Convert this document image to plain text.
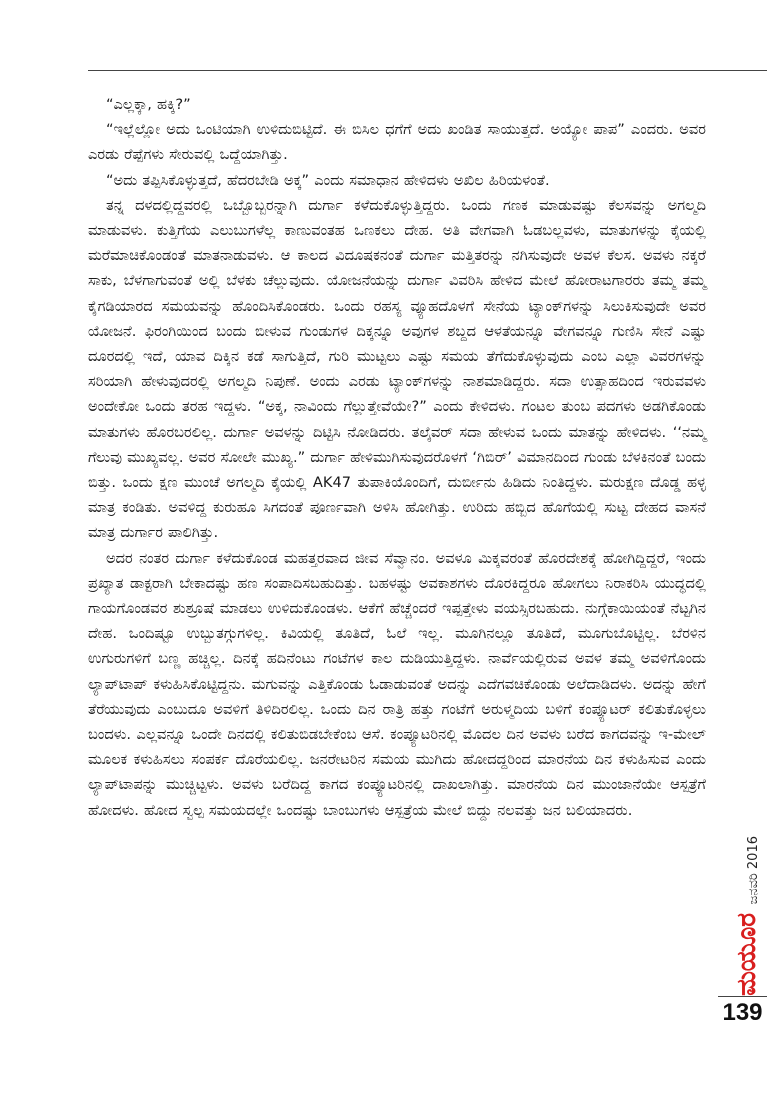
“ಎಲ್ಲಕ್ಕಾ, ಹಕ್ಕಿ?”

“ಇಲ್ಲೆಲ್ಲೋ ಅದು ಒಂಟಿಯಾಗಿ ಉಳಿದುಬಿಟ್ಟಿದೆ. ಈ ಬಿಸಿಲ ಧಗೆಗೆ ಅದು ಖಂಡಿತ ಸಾಯುತ್ತದೆ. ಅಯ್ಯೋ ಪಾಪ” ಎಂದರು. ಅವರ ಎರಡು ರೆಪ್ಪೆಗಳು ಸೇರುವಲ್ಲಿ ಒದ್ದೆಯಾಗಿತ್ತು.

“ಅದು ತಪ್ಪಿಸಿಕೊಳ್ಳುತ್ತದೆ, ಹೆದರಬೇಡಿ ಅಕ್ಕ” ಎಂದು ಸಮಾಧಾನ ಹೇಳಿದಳು ಅಖಿಲ ಹಿರಿಯಳಂತೆ.

ತನ್ನ ದಳದಲ್ಲಿದ್ದವರಲ್ಲಿ ಒಬ್ಬೊಬ್ಬರನ್ನಾಗಿ ದುರ್ಗಾ ಕಳೆದುಕೊಳ್ಳುತ್ತಿದ್ದರು. ಒಂದು ಗಣಕ ಮಾಡುವಷ್ಟು ಕೆಲಸವನ್ನು ಅಗಲ್ಮದಿ ಮಾಡುವಳು. ಕುತ್ತಿಗೆಯ ಎಲುಬುಗಳೆಲ್ಲ ಕಾಣುವಂತಹ ಒಣಕಲು ದೇಹ. ಅತಿ ವೇಗವಾಗಿ ಓಡಬಲ್ಲವಳು, ಮಾತುಗಳನ್ನು ಕೈಯಲ್ಲಿ ಮರೆಮಾಚಿಕೊಂಡಂತೆ ಮಾತನಾಡುವಳು. ಆ ಕಾಲದ ವಿದೂಷಕನಂತೆ ದುರ್ಗಾ ಮತ್ತಿತರನ್ನು ನಗಿಸುವುದೇ ಅವಳ ಕೆಲಸ. ಅವಳು ನಕ್ಕರೆ ಸಾಕು, ಬೆಳಗಾಗುವಂತೆ ಅಲ್ಲಿ ಬೆಳಕು ಚೆಲ್ಲುವುದು. ಯೋಜನೆಯನ್ನು ದುರ್ಗಾ ವಿವರಿಸಿ ಹೇಳಿದ ಮೇಲೆ ಹೋರಾಟಗಾರರು ತಮ್ಮ ತಮ್ಮ ಕೈಗಡಿಯಾರದ ಸಮಯವನ್ನು ಹೊಂದಿಸಿಕೊಂಡರು. ಒಂದು ರಹಸ್ಯ ವ್ಯೂಹದೊಳಗೆ ಸೇನೆಯ ಟ್ಯಾಂಕ್‌ಗಳನ್ನು ಸಿಲುಕಿಸುವುದೇ ಅವರ ಯೋಜನೆ. ಫಿರಂಗಿಯಿಂದ ಬಂದು ಬೀಳುವ ಗುಂಡುಗಳ ದಿಕ್ಕನ್ನೂ ಅವುಗಳ ಶಬ್ದದ ಆಳತೆಯನ್ನೂ ವೇಗವನ್ನೂ ಗುಣಿಸಿ ಸೇನೆ ಎಷ್ಟು ದೂರದಲ್ಲಿ ಇದೆ, ಯಾವ ದಿಕ್ಕಿನ ಕಡೆ ಸಾಗುತ್ತಿದೆ, ಗುರಿ ಮುಟ್ಟಲು ಎಷ್ಟು ಸಮಯ ತೆಗೆದುಕೊಳ್ಳುವುದು ಎಂಬ ಎಲ್ಲಾ ವಿವರಗಳನ್ನು ಸರಿಯಾಗಿ ಹೇಳುವುದರಲ್ಲಿ ಅಗಲ್ಮದಿ ನಿಪುಣೆ. ಅಂದು ಎರಡು ಟ್ಯಾಂಕ್‌ಗಳನ್ನು ನಾಶಮಾಡಿದ್ದರು. ಸದಾ ಉತ್ಸಾಹದಿಂದ ಇರುವವಳು ಅಂದೇಕೋ ಒಂದು ತರಹ ಇದ್ದಳು. “ಅಕ್ಕ, ನಾವಿಂದು ಗೆಲ್ಲುತ್ತೇವೆಯೇ?” ಎಂದು ಕೇಳಿದಳು. ಗಂಟಲ ತುಂಬ ಪದಗಳು ಅಡಗಿಕೊಂಡು ಮಾತುಗಳು ಹೊರಬರಲಿಲ್ಲ. ದುರ್ಗಾ ಅವಳನ್ನು ದಿಟ್ಟಿಸಿ ನೋಡಿದರು. ತಲೈವರ್ ಸದಾ ಹೇಳುವ ಒಂದು ಮಾತನ್ನು ಹೇಳಿದಳು. ‘‘ನಮ್ಮ ಗೆಲುವು ಮುಖ್ಯವಲ್ಲ. ಅವರ ಸೋಲೇ ಮುಖ್ಯ.” ದುರ್ಗಾ ಹೇಳಿಮುಗಿಸುವುದರೊಳಗೆ ‘ಗಿಬಿರ್’ ವಿಮಾನದಿಂದ ಗುಂಡು ಬೆಳಕಿನಂತೆ ಬಂದು ಬಿತ್ತು. ಒಂದು ಕ್ಷಣ ಮುಂಚೆ ಅಗಲ್ಮದಿ ಕೈಯಲ್ಲಿ AK47 ತುಪಾಕಿಯೊಂದಿಗೆ, ದುರ್ಬೀನು ಹಿಡಿದು ನಿಂತಿದ್ದಳು. ಮರುಕ್ಷಣ ದೊಡ್ಡ ಹಳ್ಳ ಮಾತ್ರ ಕಂಡಿತು. ಅವಳಿದ್ದ ಕುರುಹೂ ಸಿಗದಂತೆ ಪೂರ್ಣವಾಗಿ ಅಳಿಸಿ ಹೋಗಿತ್ತು. ಉರಿದು ಹಬ್ಬಿದ ಹೊಗೆಯಲ್ಲಿ ಸುಟ್ಟ ದೇಹದ ವಾಸನೆ ಮಾತ್ರ ದುರ್ಗಾರ ಪಾಲಿಗಿತ್ತು.

ಅದರ ನಂತರ ದುರ್ಗಾ ಕಳೆದುಕೊಂಡ ಮಹತ್ತರವಾದ ಜೀವ ಸೆವ್ವಾನಂ. ಅವಳೂ ಮಿಕ್ಕವರಂತೆ ಹೊರದೇಶಕ್ಕೆ ಹೋಗಿದ್ದಿದ್ದರೆ, ಇಂದು ಪ್ರಖ್ಯಾತ ಡಾಕ್ಟರಾಗಿ ಬೇಕಾದಷ್ಟು ಹಣ ಸಂಪಾದಿಸಬಹುದಿತ್ತು. ಬಹಳಷ್ಟು ಅವಕಾಶಗಳು ದೊರಕಿದ್ದರೂ ಹೋಗಲು ನಿರಾಕರಿಸಿ ಯುದ್ಧದಲ್ಲಿ ಗಾಯಗೊಂಡವರ ಶುಶ್ರೂಷೆ ಮಾಡಲು ಉಳಿದುಕೊಂಡಳು. ಆಕೆಗೆ ಹೆಚ್ಚೆಂದರೆ ಇಪ್ಪತ್ತೇಳು ವಯಸ್ಸಿರಬಹುದು. ನುಗ್ಗೆಕಾಯಿಯಂತೆ ನೆಟ್ಟಗಿನ ದೇಹ. ಒಂದಿಷ್ಟೂ ಉಬ್ಬುತಗ್ಗುಗಳಿಲ್ಲ. ಕಿವಿಯಲ್ಲಿ ತೂತಿದೆ, ಓಲೆ ಇಲ್ಲ. ಮೂಗಿನಲ್ಲೂ ತೂತಿದೆ, ಮೂಗುಬೊಟ್ಟಿಲ್ಲ. ಬೆರಳಿನ ಉಗುರುಗಳಿಗೆ ಬಣ್ಣ ಹಚ್ಚಿಲ್ಲ. ದಿನಕ್ಕೆ ಹದಿನೆಂಟು ಗಂಟೆಗಳ ಕಾಲ ದುಡಿಯುತ್ತಿದ್ದಳು. ನಾರ್ವೆಯಲ್ಲಿರುವ ಅವಳ ತಮ್ಮ ಅವಳಿಗೊಂದು ಲ್ಯಾಪ್‌ಟಾಪ್ ಕಳುಹಿಸಿಕೊಟ್ಟಿದ್ದನು. ಮಗುವನ್ನು ಎತ್ತಿಕೊಂಡು ಓಡಾಡುವಂತೆ ಅದನ್ನು ಎದೆಗವಚಿಕೊಂಡು ಅಲೆದಾಡಿದಳು. ಅದನ್ನು ಹೇಗೆ ತೆರೆಯುವುದು ಎಂಬುದೂ ಅವಳಿಗೆ ತಿಳಿದಿರಲಿಲ್ಲ. ಒಂದು ದಿನ ರಾತ್ರಿ ಹತ್ತು ಗಂಟೆಗೆ ಅರುಳ್ಮದಿಯ ಬಳಿಗೆ ಕಂಪ್ಯೂಟರ್ ಕಲಿತುಕೊಳ್ಳಲು ಬಂದಳು. ಎಲ್ಲವನ್ನೂ ಒಂದೇ ದಿನದಲ್ಲಿ ಕಲಿತುಬಿಡಬೇಕೆಂಬ ಆಸೆ. ಕಂಪ್ಯೂಟರಿನಲ್ಲಿ ಮೊದಲ ದಿನ ಅವಳು ಬರೆದ ಕಾಗದವನ್ನು ಇ-ಮೇಲ್ ಮೂಲಕ ಕಳುಹಿಸಲು ಸಂಪರ್ಕ ದೊರೆಯಲಿಲ್ಲ. ಜನರೇಟರಿನ ಸಮಯ ಮುಗಿದು ಹೋದದ್ದರಿಂದ ಮಾರನೆಯ ದಿನ ಕಳುಹಿಸುವ ಎಂದು ಲ್ಯಾಪ್‌ಟಾಪನ್ನು ಮುಚ್ಚಿಟ್ಟಳು. ಅವಳು ಬರೆದಿದ್ದ ಕಾಗದ ಕಂಪ್ಯೂಟರಿನಲ್ಲಿ ದಾಖಲಾಗಿತ್ತು. ಮಾರನೆಯ ದಿನ ಮುಂಜಾನೆಯೇ ಆಸ್ಪತ್ರೆಗೆ ಹೋದಳು. ಹೋದ ಸ್ವಲ್ಪ ಸಮಯದಲ್ಲೇ ಒಂದಷ್ಟು ಬಾಂಬುಗಳು ಆಸ್ಪತ್ರೆಯ ಮೇಲೆ ಬಿದ್ದು ನಲವತ್ತು ಜನ ಬಲಿಯಾದರು.

ಜನವರಿ 2016
ಮಯೂರ
139
